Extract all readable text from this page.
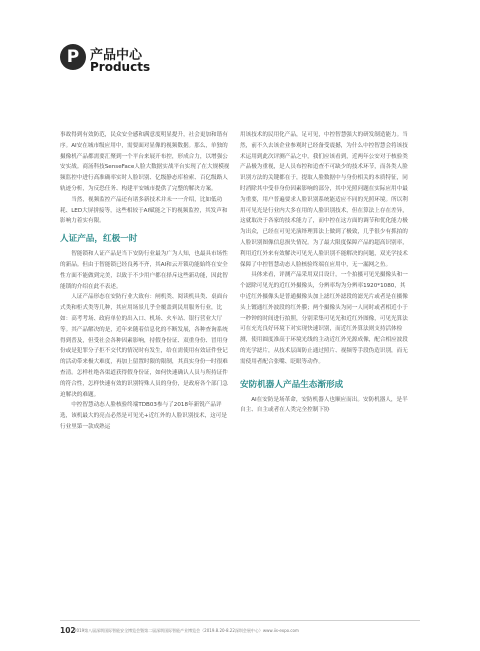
P 产品中心
Products

事故得到有效防范，民众安全感和满意度明显提升，社会更加和谐有序。AI安在城市级应用中，需要面对显像的视频数据。那么，单独的摄像机产品都需要汇聚到一个平台来展开布控，形成合力，以增强公安实战。商汤科技SenseFace人脸大数据实战平台实现了在大规模视频监控中进行高准确率实时人脸识别、亿级静态库检索、百亿级路人轨迹分析，为反恐任务、构建平安城市提供了完整的解决方案。

当然，视频监控产品还有诸多新技术并未一一介绍，比如低功耗、LED大屏拼接等，这些相较于AI赋能之下的视频监控，其发声和影响力着实有限。

人证产品，红极一时

智能锁和人证产品是当下安防行业最为广为人知，也最具市场性的新品。但由于智能锁已经良莠不齐，其AI和云开锁功能始终在安全性方面不能做到完美，以致于不少用户都在择斥这些新功能，因此智能锁的介绍在此不表述。

人证产品形态在安防行业大致有：闸机类、阅读机具类、桌面台式类和柜式类等几种，其应用场景几乎全覆盖到民用服务行业，比如：高考考场、政府单位的出入口、机场、火车站、银行营业大厅等。其产品解决的是，近年来随着信息化的不断发展，各种查询系统得到普及，但受社会各种因素影响，持假身份证、双重身份、冒用身份或是犯罪分子拒不交代的情况时有发生，给在需使用有效证件登记的活动带来极大难度，再加上留置时限的限制，其真实身份一时很难查清。怎样杜绝各渠道获得假身份证，如何快速确认人员与所持证件的符合性，怎样快速有效的识别特殊人员的身份，是政府各个部门急迫解决的难题。

中控智慧动态人脸核验终端TDB03参与了2018年新锐产品评选，该机最大的亮点必然是可见光+近红外的人脸识别技术，这可是行业里第一款成熟运

用该技术的民用化产品，足可见，中控智慧强大的研发制造能力。当然，前不久去该企业参观时已经备受震撼，为什么中控智慧会将该技术运用到此次评测产品之中，我们应该看到，近两年公安对于核验类产品极为重视，是人员布控和追查不可缺少的技术环节，而各类人脸识别方法的关键都在于，提取人脸数据中与身份相关的本质特征，同时消除其中受非身份因素影响的部分，其中光照问题在实际应用中最为重要，用户普遍要求人脸识别系统能适应不同的光照环境。所以利用可见光是行业内大多在用的人脸识别技术，但在算法上存在差异，这就取决于各家的技术能力了，而中控在这方面的调节和优化能力极为出众，已经在可见光演绎理算法上做到了极致，几乎很少有抓拍的人脸识别图像信息损失情况。为了最大限度保障产品的超高识别率，利用近红外来有效解决可见光人脸识别不能解决的问题，双光学技术保障了中控智慧动态人脸核验终端在应用中，无一漏网之鱼。

具体来看，评测产品采用双目设计，一个拍摄可见光摄像头和一个滤除可见光的近红外摄像头，分辨率均为分辨率1920*1080，其中近红外摄像头是普通摄像头加上滤红外滤段的滤光片或者是在摄像头上镀通红外波段的红外膜；两个摄像头为同一人同时或者相近小于一秒钟的时间进行拍照，分别采集可见光和近红外图像，可见光算法可在充光良好环境下对实现快速识别，而近红外算法则支持活体检测，使用圆度准高于环境光线的主动近红外光源成像，配合相应波段的光学滤片，从技术层面防止通过照片、视频等手段伪造识别，而无需使用者配合张嘴、眨眼等动作。

安防机器人产品生态渐形成

AI在安防是场革命，安防机器人也顺应而出。安防机器人，是半自主、自主或者在人类完全控制下协

102
2019第八届深圳国际智能安全博览会暨第二届深圳国际智能产业博览会（2019.8.20-8.22深圳会展中心）www.iis-expo.com
